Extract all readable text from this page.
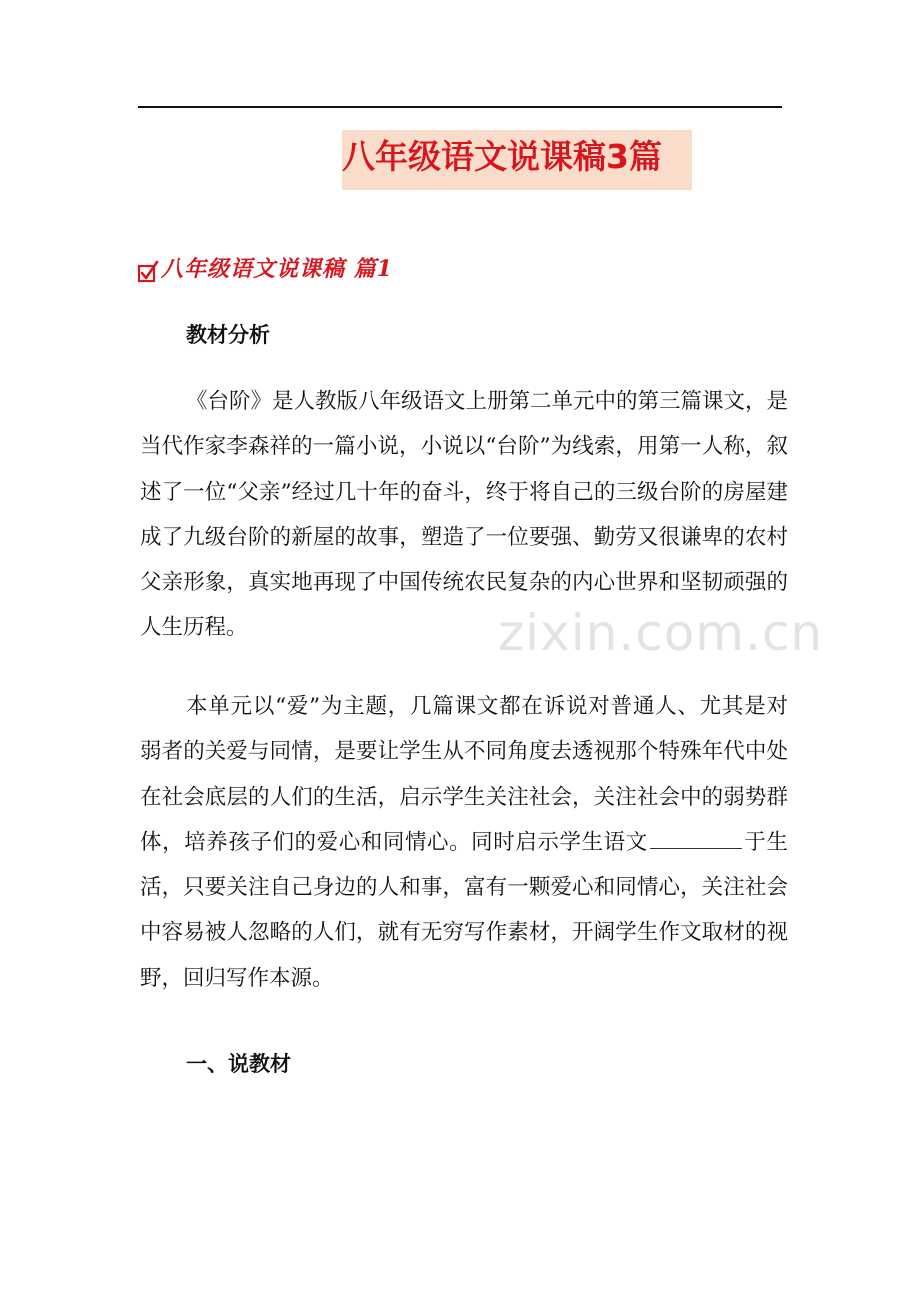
八年级语文说课稿3篇
八年级语文说课稿 篇1
教材分析

《台阶》是人教版八年级语文上册第二单元中的第三篇课文，是当代作家李森祥的一篇小说，小说以“台阶”为线索，用第一人称，叙述了一位“父亲”经过几十年的奋斗，终于将自己的三级台阶的房屋建成了九级台阶的新屋的故事，塑造了一位要强、勤劳又很谦卑的农村父亲形象，真实地再现了中国传统农民复杂的内心世界和坚韧顽强的人生历程。

本单元以“爱”为主题，几篇课文都在诉说对普通人、尤其是对弱者的关爱与同情，是要让学生从不同角度去透视那个特殊年代中处在社会底层的人们的生活，启示学生关注社会，关注社会中的弱势群体，培养孩子们的爱心和同情心。同时启示学生语文	于生活，只要关注自己身边的人和事，富有一颗爱心和同情心，关注社会中容易被人忽略的人们，就有无穷写作素材，开阔学生作文取材的视野，回归写作本源。

一、说教材
zixin.com.cn
